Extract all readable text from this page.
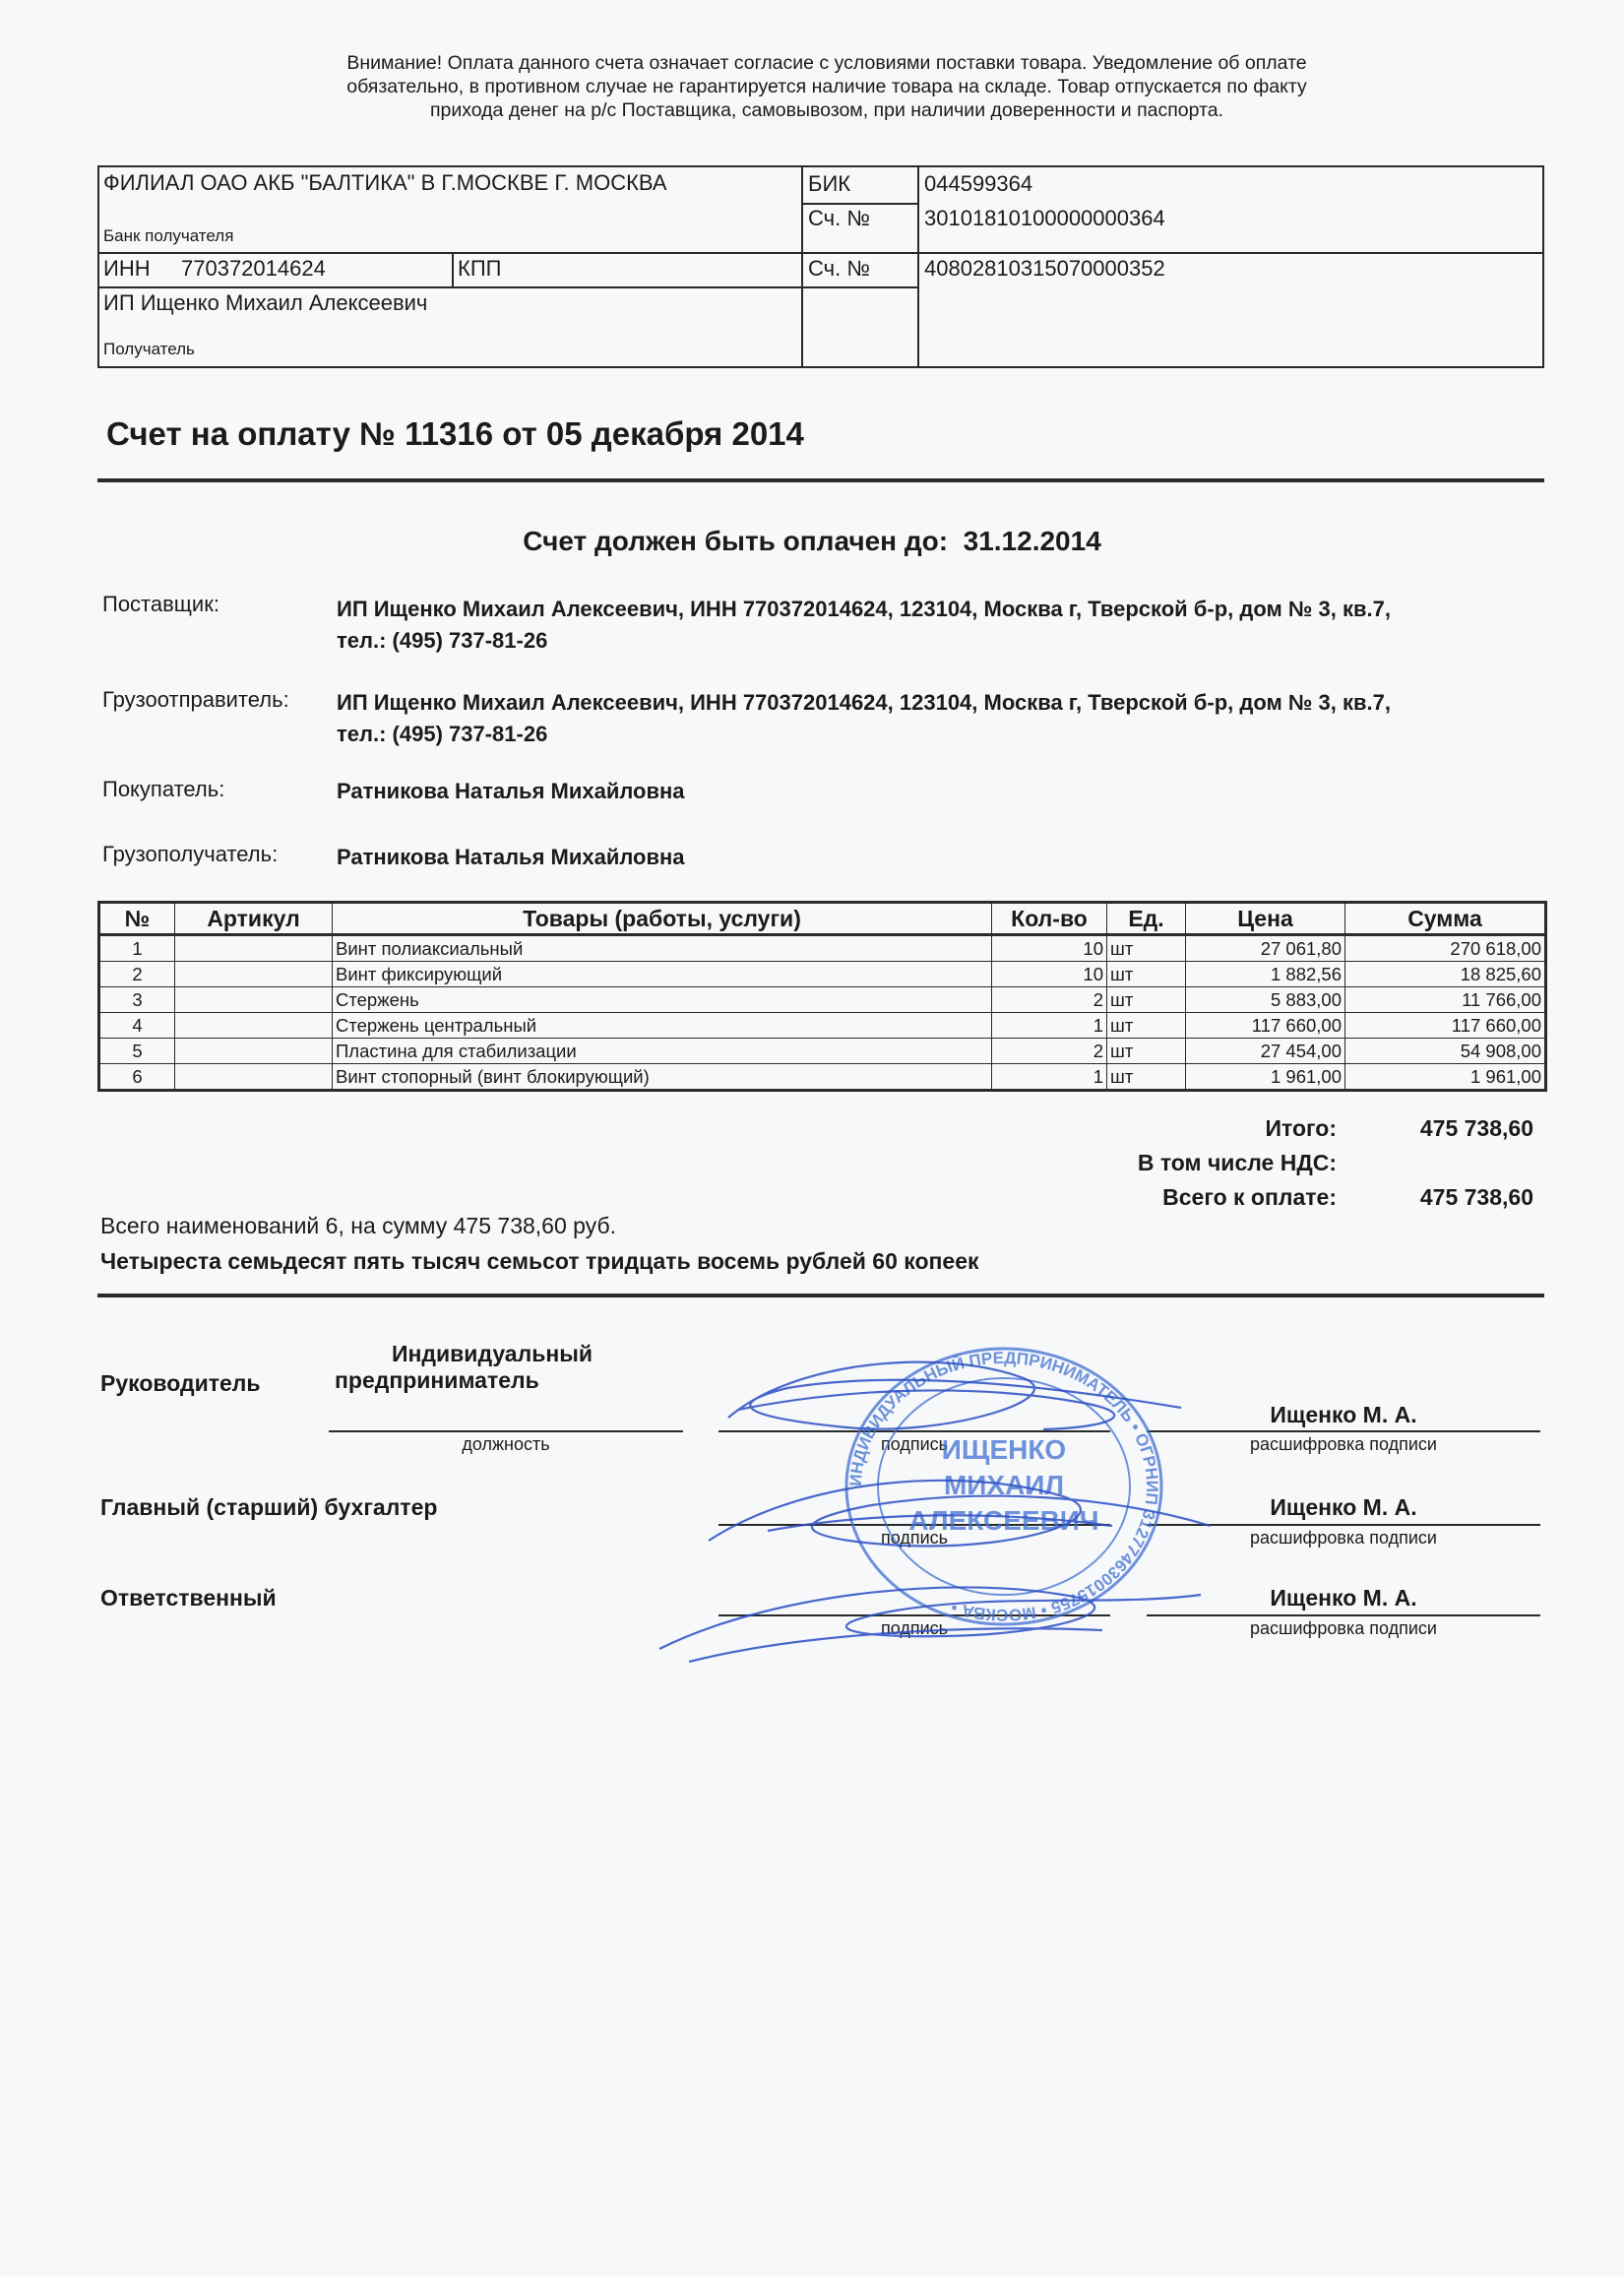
Внимание! Оплата данного счета означает согласие с условиями поставки товара. Уведомление об оплате
обязательно, в противном случае не гарантируется наличие товара на складе. Товар отпускается по факту
прихода денег на р/с Поставщика, самовывозом, при наличии доверенности и паспорта.
ФИЛИАЛ ОАО АКБ "БАЛТИКА" В Г.МОСКВЕ Г. МОСКВА
Банк получателя
БИК	044599364
Сч. №	30101810100000000364
ИНН 770372014624	КПП	Сч. №	40802810315070000352
ИП Ищенко Михаил Алексеевич
Получатель
Счет на оплату № 11316 от 05 декабря 2014
Счет должен быть оплачен до: 31.12.2014
Поставщик:	ИП Ищенко Михаил Алексеевич, ИНН 770372014624, 123104, Москва г, Тверской б-р, дом № 3, кв.7,
тел.: (495) 737-81-26
Грузоотправитель: ИП Ищенко Михаил Алексеевич, ИНН 770372014624, 123104, Москва г, Тверской б-р, дом № 3, кв.7,
тел.: (495) 737-81-26
Покупатель:	Ратникова Наталья Михайловна
Грузополучатель:	Ратникова Наталья Михайловна
№	Артикул	Товары (работы, услуги)	Кол-во	Ед.	Цена	Сумма
1		Винт полиаксиальный	10	шт	27 061,80	270 618,00
2		Винт фиксирующий	10	шт	1 882,56	18 825,60
3		Стержень	2	шт	5 883,00	11 766,00
4		Стержень центральный	1	шт	117 660,00	117 660,00
5		Пластина для стабилизации	2	шт	27 454,00	54 908,00
6		Винт стопорный (винт блокирующий)	1	шт	1 961,00	1 961,00
Итого:	475 738,60
В том числе НДС:
Всего к оплате:	475 738,60
Всего наименований 6, на сумму 475 738,60 руб.
Четыреста семьдесят пять тысяч семьсот тридцать восемь рублей 60 копеек
Руководитель
Индивидуальный
предприниматель
должность	подпись
Ищенко М. А.
расшифровка подписи
Главный (старший) бухгалтер
подпись
Ищенко М. А.
расшифровка подписи
Ответственный
подпись
Ищенко М. А.
расшифровка подписи
ИНДИВИДУАЛЬНЫЙ ПРЕДПРИНИМАТЕЛЬ • ОГРНИП 312774630015755 • МОСКВА •
ИЩЕНКО
МИХАИЛ
АЛЕКСЕЕВИЧ
